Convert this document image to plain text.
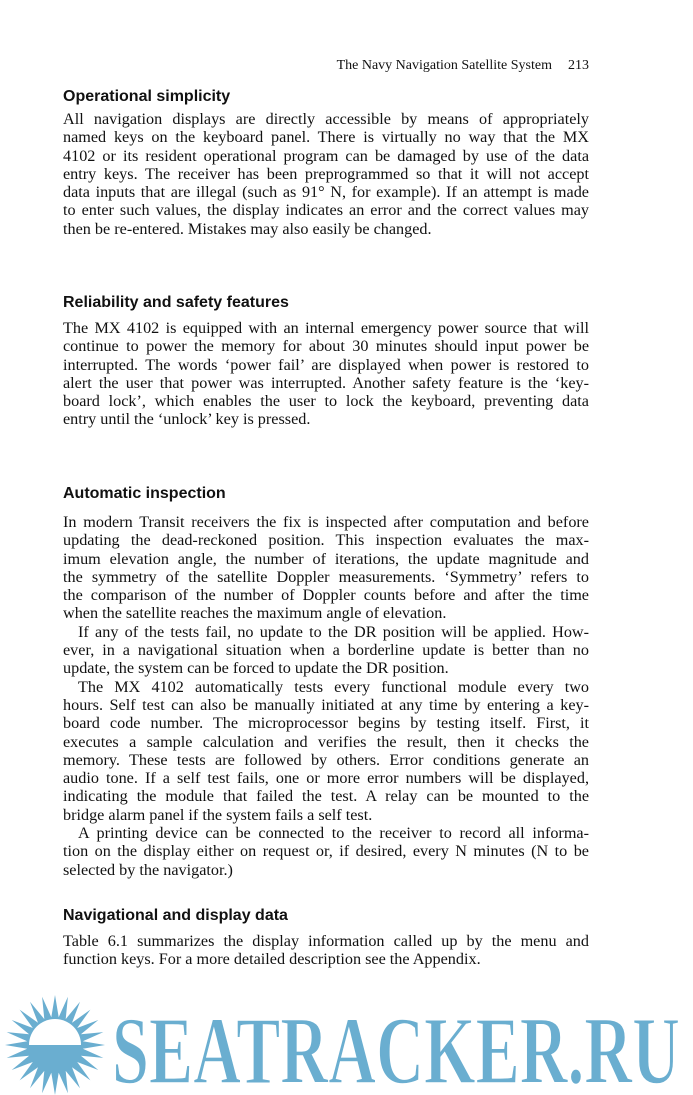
The Navy Navigation Satellite System 213
Operational simplicity
All navigation displays are directly accessible by means of appropriately
named keys on the keyboard panel. There is virtually no way that the MX
4102 or its resident operational program can be damaged by use of the data
entry keys. The receiver has been preprogrammed so that it will not accept
data inputs that are illegal (such as 91° N, for example). If an attempt is made
to enter such values, the display indicates an error and the correct values may
then be re-entered. Mistakes may also easily be changed.
Reliability and safety features
The MX 4102 is equipped with an internal emergency power source that will
continue to power the memory for about 30 minutes should input power be
interrupted. The words ‘power fail’ are displayed when power is restored to
alert the user that power was interrupted. Another safety feature is the ‘key-
board lock’, which enables the user to lock the keyboard, preventing data
entry until the ‘unlock’ key is pressed.
Automatic inspection
In modern Transit receivers the fix is inspected after computation and before
updating the dead-reckoned position. This inspection evaluates the max-
imum elevation angle, the number of iterations, the update magnitude and
the symmetry of the satellite Doppler measurements. ‘Symmetry’ refers to
the comparison of the number of Doppler counts before and after the time
when the satellite reaches the maximum angle of elevation.
If any of the tests fail, no update to the DR position will be applied. How-
ever, in a navigational situation when a borderline update is better than no
update, the system can be forced to update the DR position.
The MX 4102 automatically tests every functional module every two
hours. Self test can also be manually initiated at any time by entering a key-
board code number. The microprocessor begins by testing itself. First, it
executes a sample calculation and verifies the result, then it checks the
memory. These tests are followed by others. Error conditions generate an
audio tone. If a self test fails, one or more error numbers will be displayed,
indicating the module that failed the test. A relay can be mounted to the
bridge alarm panel if the system fails a self test.
A printing device can be connected to the receiver to record all informa-
tion on the display either on request or, if desired, every N minutes (N to be
selected by the navigator.)
Navigational and display data
Table 6.1 summarizes the display information called up by the menu and
function keys. For a more detailed description see the Appendix.
SEATRACKER.RU
